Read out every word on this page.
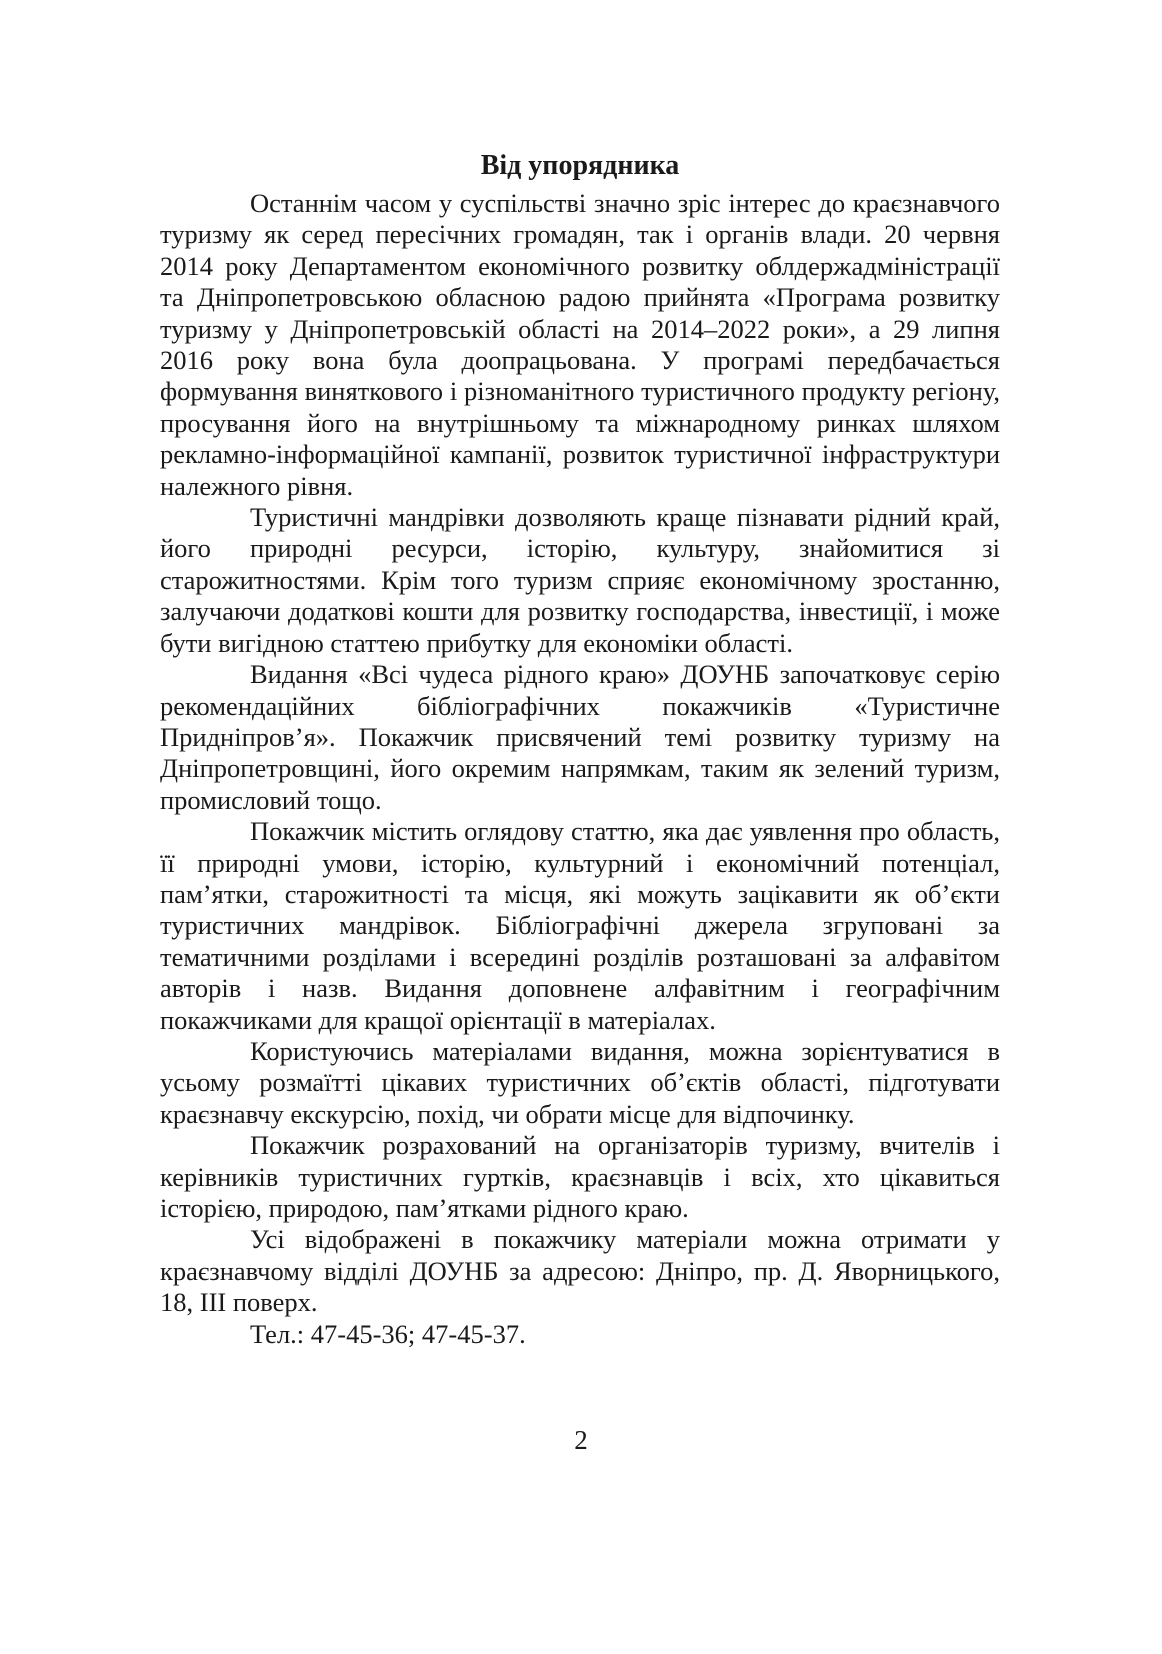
Від упорядника

Останнім часом у суспільстві значно зріс інтерес до краєзнавчого туризму як серед пересічних громадян, так і органів влади. 20 червня 2014 року Департаментом економічного розвитку облдержадміністрації та Дніпропетровською обласною радою прийнята «Програма розвитку туризму у Дніпропетровській області на 2014–2022 роки», а 29 липня 2016 року вона була доопрацьована. У програмі передбачається формування виняткового і різноманітного туристичного продукту регіону, просування його на внутрішньому та міжнародному ринках шляхом рекламно-інформаційної кампанії, розвиток туристичної інфраструктури належного рівня.

Туристичні мандрівки дозволяють краще пізнавати рідний край, його природні ресурси, історію, культуру, знайомитися зі старожитностями. Крім того туризм сприяє економічному зростанню, залучаючи додаткові кошти для розвитку господарства, інвестиції, і може бути вигідною статтею прибутку для економіки області.

Видання «Всі чудеса рідного краю» ДОУНБ започатковує серію рекомендаційних бібліографічних покажчиків «Туристичне Придніпров’я». Покажчик присвячений темі розвитку туризму на Дніпропетровщині, його окремим напрямкам, таким як зелений туризм, промисловий тощо.

Покажчик містить оглядову статтю, яка дає уявлення про область, її природні умови, історію, культурний і економічний потенціал, пам’ятки, старожитності та місця, які можуть зацікавити як об’єкти туристичних мандрівок. Бібліографічні джерела згруповані за тематичними розділами і всередині розділів розташовані за алфавітом авторів і назв. Видання доповнене алфавітним і географічним покажчиками для кращої орієнтації в матеріалах.

Користуючись матеріалами видання, можна зорієнтуватися в усьому розмаїтті цікавих туристичних об’єктів області, підготувати краєзнавчу екскурсію, похід, чи обрати місце для відпочинку.

Покажчик розрахований на організаторів туризму, вчителів і керівників туристичних гуртків, краєзнавців і всіх, хто цікавиться історією, природою, пам’ятками рідного краю.

Усі відображені в покажчику матеріали можна отримати у краєзнавчому відділі ДОУНБ за адресою: Дніпро, пр. Д. Яворницького, 18, ІІІ поверх.

Тел.: 47-45-36; 47-45-37.

2
